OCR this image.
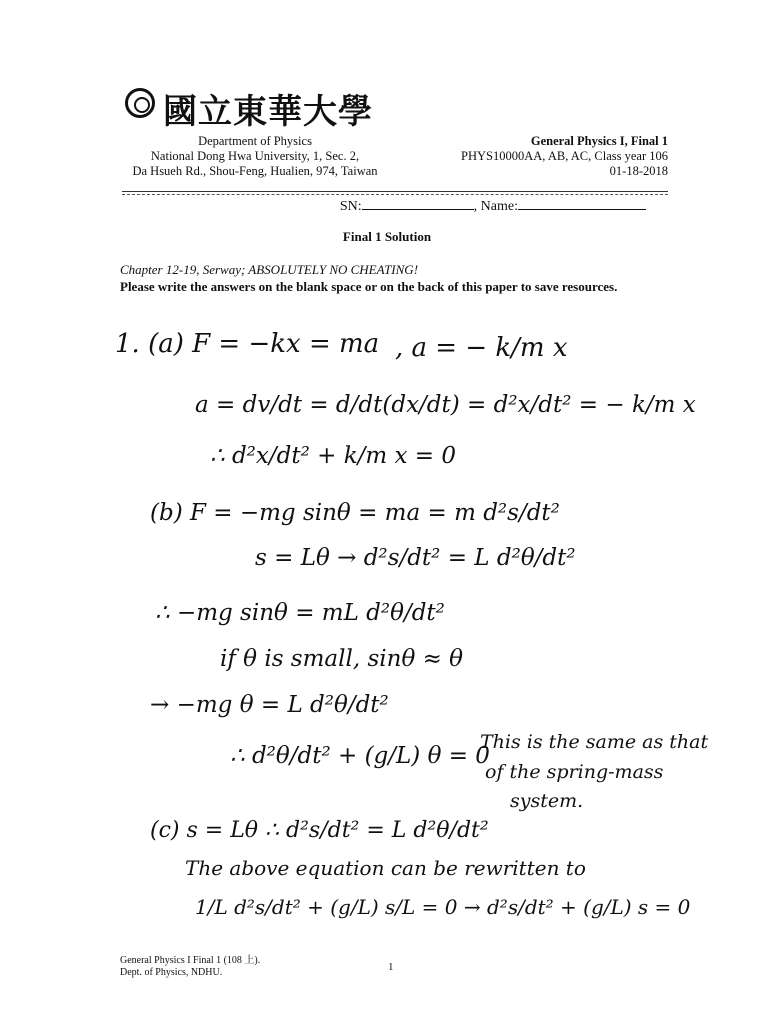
國立東華大學
Department of Physics
National Dong Hwa University, 1, Sec. 2,
Da Hsueh Rd., Shou-Feng, Hualien, 974, Taiwan
General Physics I, Final 1
PHYS10000AA, AB, AC, Class year 106
01-18-2018
SN:	, Name:
Final 1 Solution
Chapter 12-19, Serway; ABSOLUTELY NO CHEATING!
Please write the answers on the blank space or on the back of this paper to save resources.
1. (a) F = −kx = ma , a = − k/m x
a = dv/dt = d/dt(dx/dt) = d²x/dt² = − k/m x
∴ d²x/dt² + k/m x = 0
(b) F = −mg sinθ = ma = m d²s/dt²
s = Lθ → d²s/dt² = L d²θ/dt²
∴ −mg sinθ = mL d²θ/dt²
if θ is small, sinθ ≈ θ
→ −mg θ = L d²θ/dt²
∴ d²θ/dt² + (g/L) θ = 0
This is the same as that
of the spring-mass
system.
(c) s = Lθ ∴ d²s/dt² = L d²θ/dt²
The above equation can be rewritten to
1/L d²s/dt² + (g/L) s/L = 0 → d²s/dt² + (g/L) s = 0
General Physics I Final 1 (108 上).
Dept. of Physics, NDHU.	1
